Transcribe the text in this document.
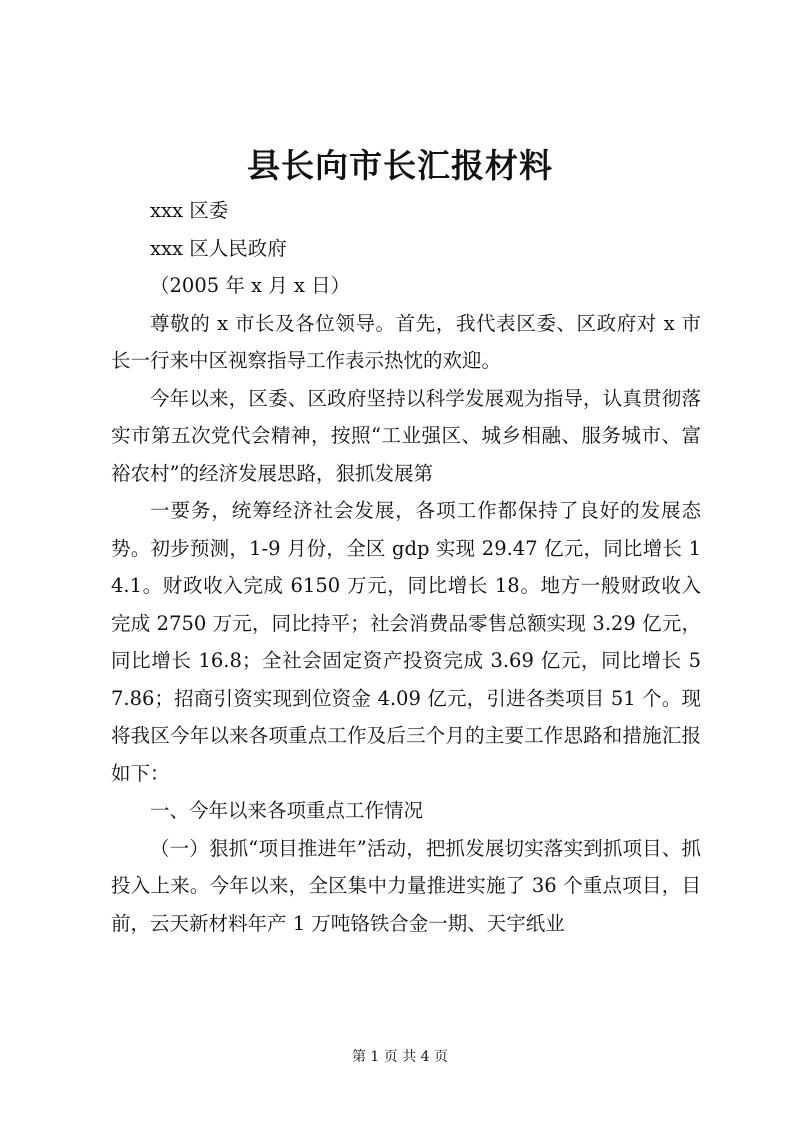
县长向市长汇报材料

xxx 区委

xxx 区人民政府

（2005 年 x 月 x 日）

尊敬的 x 市长及各位领导。首先，我代表区委、区政府对 x 市长一行来中区视察指导工作表示热忱的欢迎。

今年以来，区委、区政府坚持以科学发展观为指导，认真贯彻落实市第五次党代会精神，按照“工业强区、城乡相融、服务城市、富裕农村”的经济发展思路，狠抓发展第

一要务，统筹经济社会发展，各项工作都保持了良好的发展态势。初步预测，1-9 月份，全区 gdp 实现 29.47 亿元，同比增长 14.1。财政收入完成 6150 万元，同比增长 18。地方一般财政收入完成 2750 万元，同比持平；社会消费品零售总额实现 3.29 亿元，同比增长 16.8；全社会固定资产投资完成 3.69 亿元，同比增长 57.86；招商引资实现到位资金 4.09 亿元，引进各类项目 51 个。现将我区今年以来各项重点工作及后三个月的主要工作思路和措施汇报如下：

一、今年以来各项重点工作情况

（一）狠抓“项目推进年”活动，把抓发展切实落实到抓项目、抓投入上来。今年以来，全区集中力量推进实施了 36 个重点项目，目前，云天新材料年产 1 万吨铬铁合金一期、天宇纸业

第 1 页 共 4 页
